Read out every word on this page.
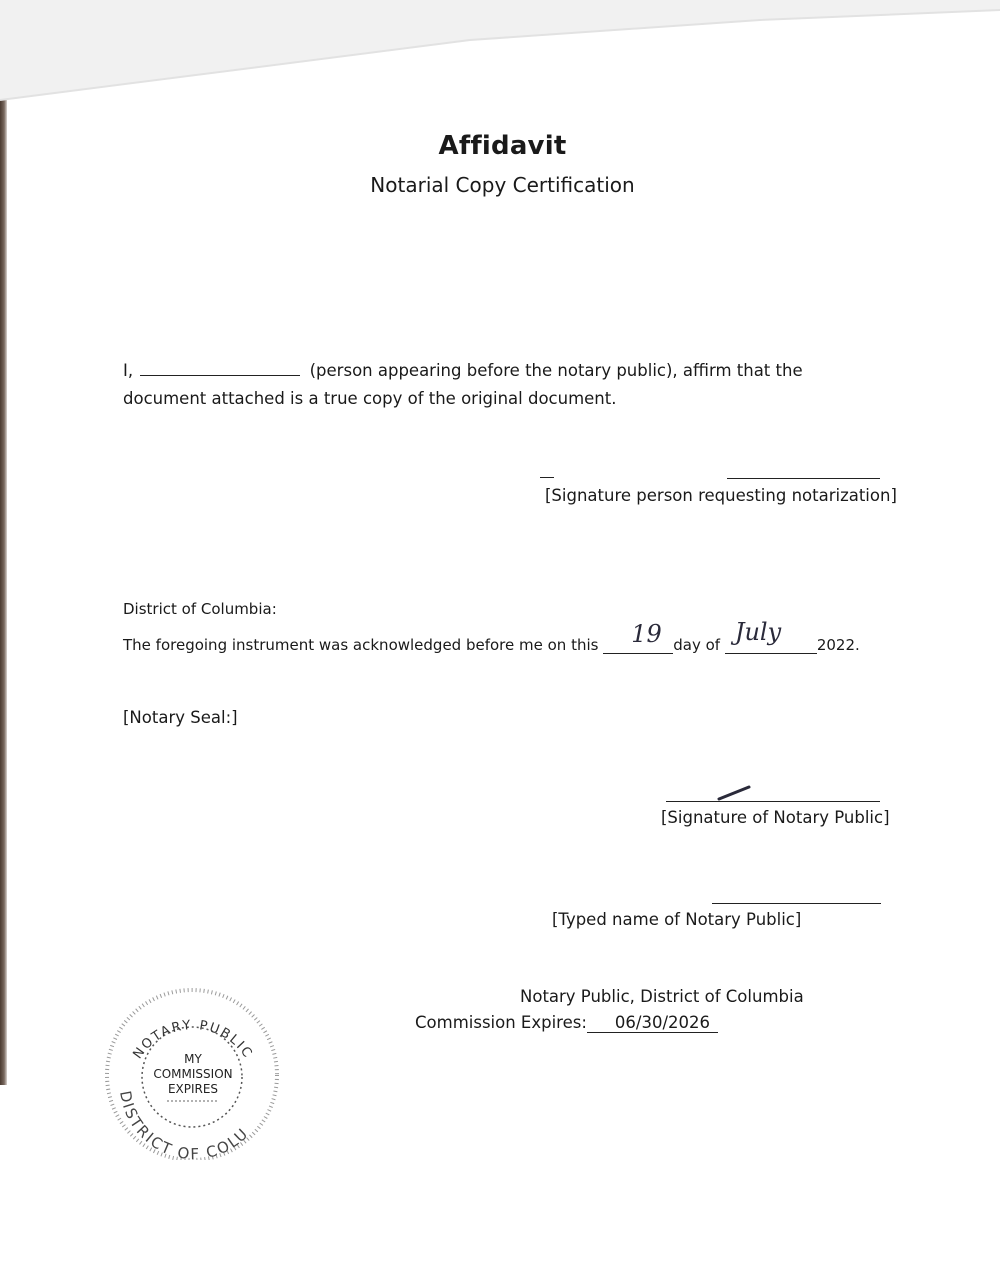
Affidavit
Notarial Copy Certification
I,	(person appearing before the notary public), affirm that the document attached is a true copy of the original document.
[Signature person requesting notarization]
District of Columbia:
The foregoing instrument was acknowledged before me on this 19 day of July 2022.
[Notary Seal:]
[Signature of Notary Public]
[Typed name of Notary Public]
Notary Public, District of Columbia
Commission Expires: 06/30/2026
NOTARY PUBLIC
DISTRICT OF COLU
MY
COMMISSION
EXPIRES
